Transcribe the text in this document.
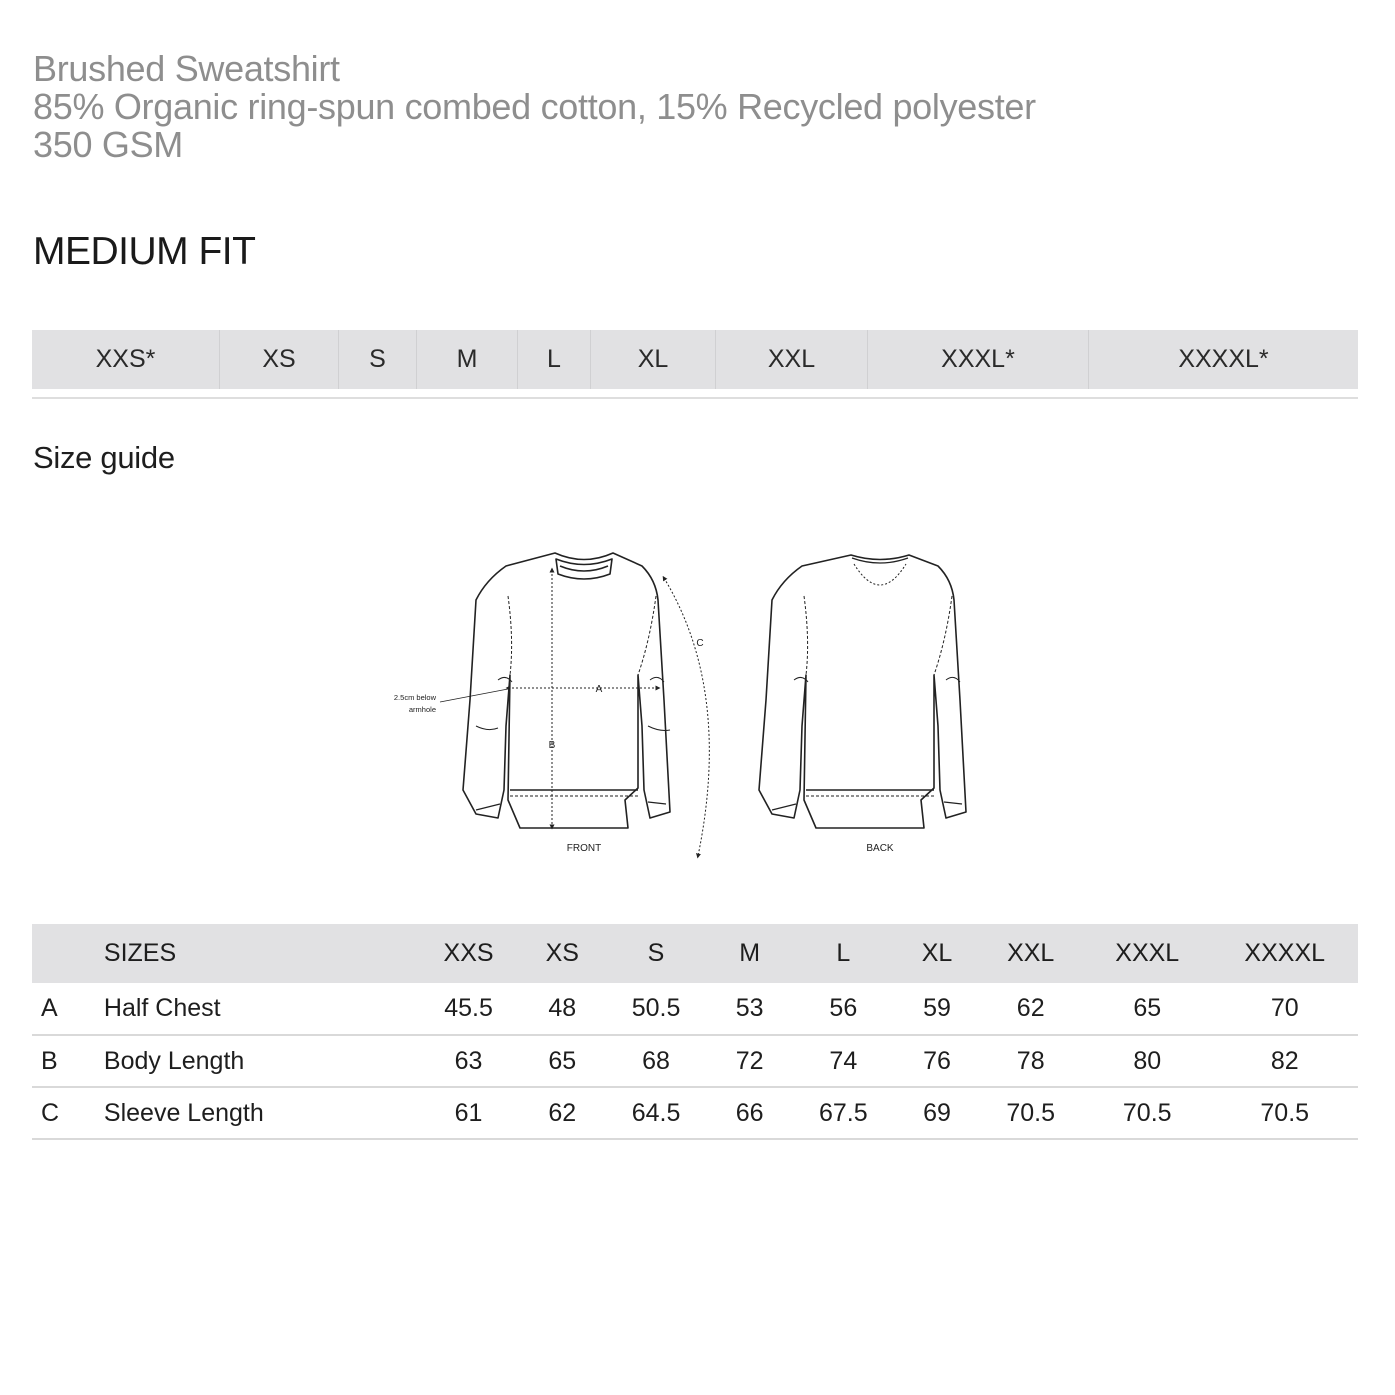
Brushed Sweatshirt
85% Organic ring-spun combed cotton, 15% Recycled polyester
350 GSM
MEDIUM FIT
XXS*	XS	S	M	L	XL	XXL	XXXL*	XXXXL*
Size guide
A
B
C
2.5cm below
armhole
FRONT	BACK
	SIZES	XXS	XS	S	M	L	XL	XXL	XXXL	XXXXL
A	Half Chest	45.5	48	50.5	53	56	59	62	65	70
B	Body Length	63	65	68	72	74	76	78	80	82
C	Sleeve Length	61	62	64.5	66	67.5	69	70.5	70.5	70.5
